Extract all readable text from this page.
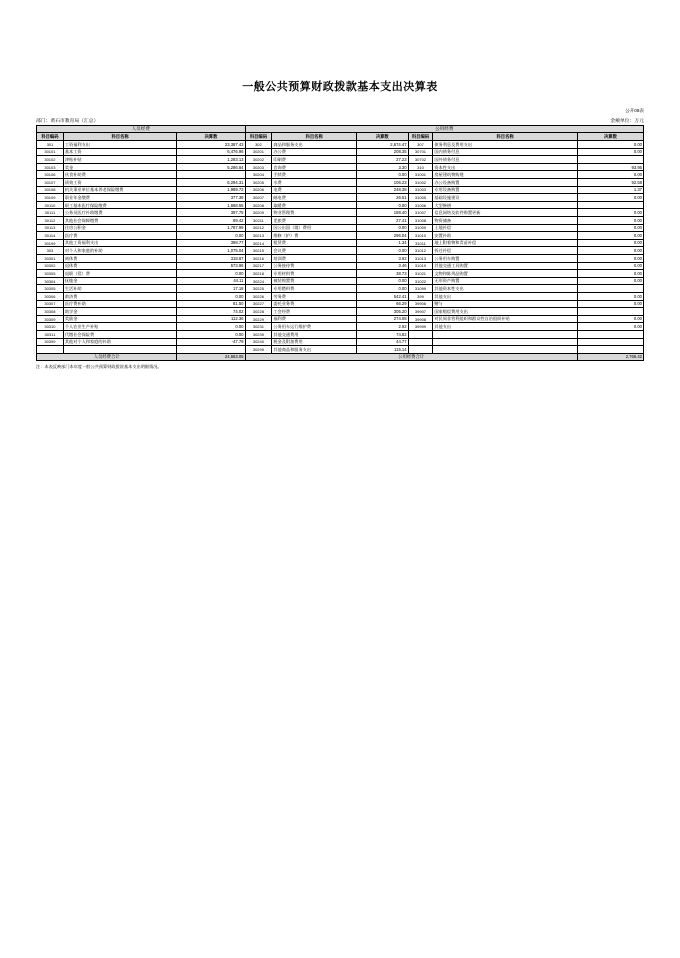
一般公共预算财政拨款基本支出决算表
公开08表
部门：黄石市教育局（汇总）	金额单位：万元
人员经费			公用经费					
科目编码	科目名称	决算数	科目编码	科目名称	决算数	科目编码	科目名称	决算数
301	工资福利支出	23,387.43	302	商品和服务支出	2,674.47	307	债务利息及费用支出	0.00
30101	基本工资	6,476.96	30201	办公费	208.35	30701	国内债务付息	0.00
30102	津贴补贴	1,283.13	30202	印刷费	27.23	30702	国外债务付息	
30103	奖金	5,286.84	30203	咨询费	3.30	310	资本性支出	93.95
30106	伙食补助费		30204	手续费	0.00	31001	房屋建筑物购建	0.00
30107	绩效工资	6,294.31	30205	水费	106.23	31002	办公设备购置	92.58
30108	机关事业单位基本养老保险缴费	1,989.73	30206	电费	248.38	31003	专用设备购置	1.37
30109	职业年金缴费	377.39	30207	邮电费	26.51	31005	基础设施建设	0.00
30110	职工基本医疗保险缴费	1,668.55	30208	取暖费	0.00	31006	大型修缮	
30111	公务员医疗补助缴费	397.75	30209	物业管理费	188.40	31007	信息网络及软件购置更新	0.00
30112	其他社会保障缴费	89.42	30211	差旅费	27.41	31008	物资储备	0.00
30113	住房公积金	1,787.99	30212	因公出国（境）费用	0.00	31009	土地补偿	0.00
30114	医疗费	0.00	30213	维修（护）费	296.04	31010	安置补助	0.00
30199	其他工资福利支出	398.77	30214	租赁费	1.34	31011	地上附着物和青苗补偿	0.00
303	对个人和家庭的补助	1,075.04	30215	会议费	0.00	31012	拆迁补偿	0.00
30301	离休费	318.87	30216	培训费	3.92	31013	公务用车购置	0.00
30302	退休费	573.96	30217	公务接待费	3.46	31019	其他交通工具购置	0.00
30305	退职（役）费	0.00	30218	专用材料费	38.73	31021	文物和陈列品购置	0.00
30304	抚恤金	44.11	30224	被装购置费	0.00	31022	无形资产购置	0.00
30305	生活补助	17.18	30225	专用燃料费	0.00	31099	其他资本性支出	
30306	救济费	0.00	30226	劳务费	542.41	399	其他支出	0.00
30307	医疗费补助	81.50	30227	委托业务费	66.29	39906	赠与	0.00
30308	助学金	74.02	30228	工会经费	305.20	39907	国家赔偿费用支出	
30309	奖励金	112.36	30229	福利费	274.08	39908	对民间非营利组织和群众性自治组织补贴	0.00
30310	个人农业生产补贴	0.00	30231	公务用车运行维护费	2.92	39999	其他支出	0.00
30311	代缴社会保险费	0.00	30239	其他交通费用	74.82			
30399	其他对个人和家庭的补助	-47.79	30240	税金及附加费用	44.77			
			30299	其他商品和服务支出	115.14			
人员经费合计		24,663.05	公用经费合计					2,766.42
注：本表反映部门本年度一般公共预算财政拨款基本支出明细情况。
